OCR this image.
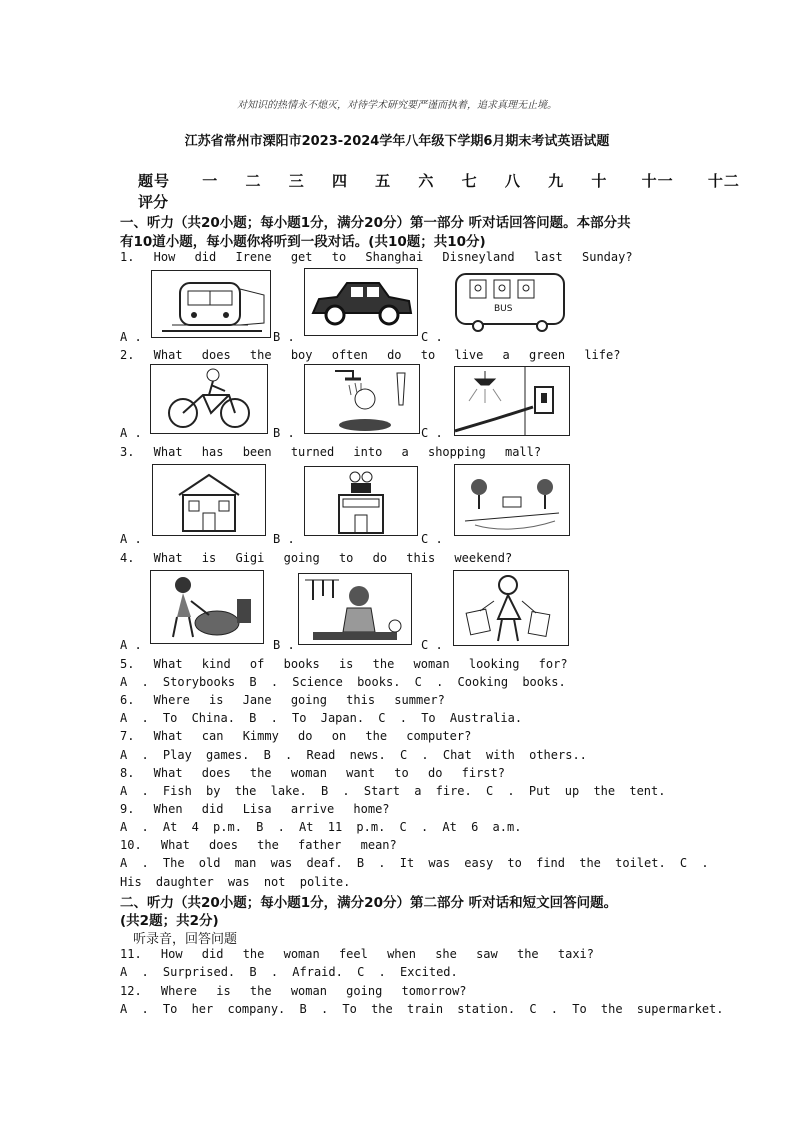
对知识的热情永不熄灭，对待学术研究要严谨而执着，追求真理无止境。
江苏省常州市溧阳市2023-2024学年八年级下学期6月期末考试英语试题
题号 一 二 三 四 五 六 七 八 九 十 十一 十二
评分
一、听力（共20小题；每小题1分，满分20分）第一部分 听对话回答问题。本部分共
有10道小题，每小题你将听到一段对话。(共10题；共10分)
1. How did Irene get to Shanghai Disneyland last Sunday?
BUS
A .	B .	C .
2. What does the boy often do to live a green life?
A .	B .	C .
3. What has been turned into a shopping mall?
A .	B .	C .
4. What is Gigi going to do this weekend?
A .	B .	C .
5. What kind of books is the woman looking for?
A . Storybooks B . Science books. C . Cooking books.
6. Where is Jane going this summer?
A . To China. B . To Japan. C . To Australia.
7. What can Kimmy do on the computer?
A . Play games. B . Read news. C . Chat with others..
8. What does the woman want to do first?
A . Fish by the lake. B . Start a fire. C . Put up the tent.
9. When did Lisa arrive home?
A . At 4 p.m. B . At 11 p.m. C . At 6 a.m.
10. What does the father mean?
A . The old man was deaf. B . It was easy to find the toilet. C .
His daughter was not polite.
二、听力（共20小题；每小题1分，满分20分）第二部分 听对话和短文回答问题。
(共2题；共2分)
听录音，回答问题
11. How did the woman feel when she saw the taxi?
A . Surprised. B . Afraid. C . Excited.
12. Where is the woman going tomorrow?
A . To her company. B . To the train station. C . To the supermarket.
